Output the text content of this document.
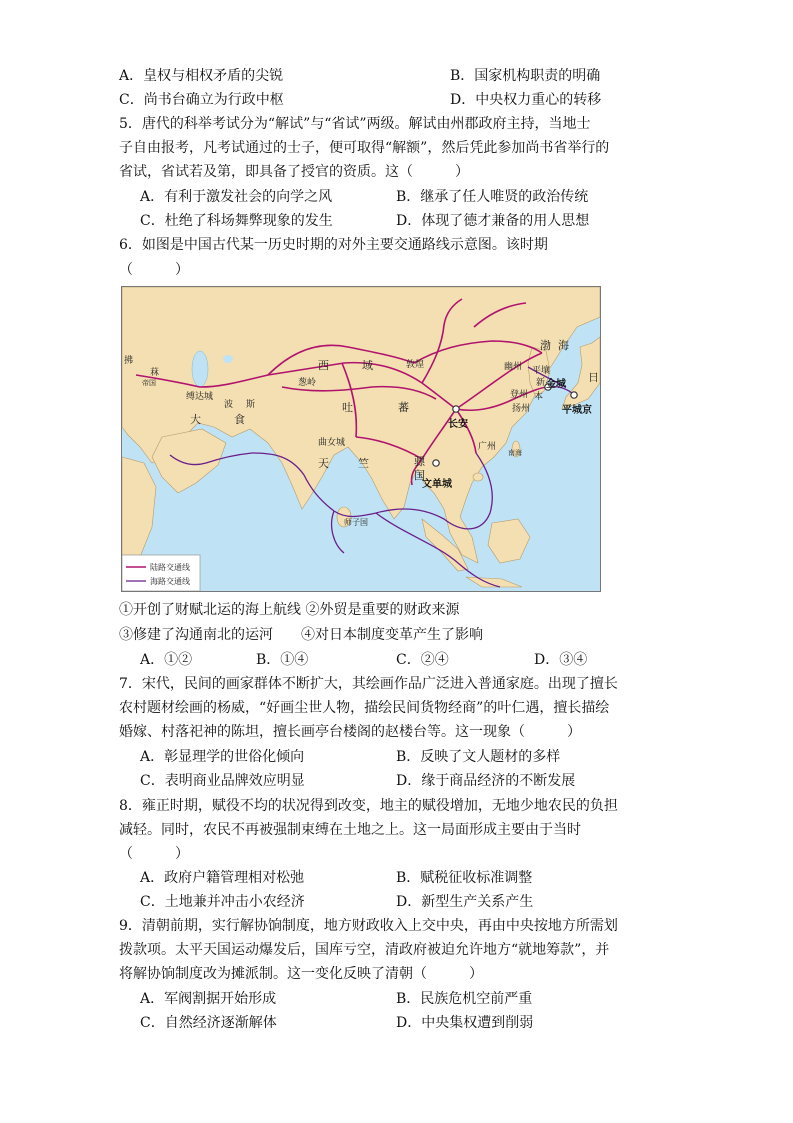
A．皇权与相权矛盾的尖锐	B．国家机构职责的明确
C．尚书台确立为行政中枢	D．中央权力重心的转移
5．唐代的科举考试分为“解试”与“省试”两级。解试由州郡政府主持，当地士
子自由报考，凡考试通过的士子，便可取得“解额”，然后凭此参加尚书省举行的
省试，省试若及第，即具备了授官的资质。这（　　　）
A．有利于激发社会的向学之风	B．继承了任人唯贤的政治传统
C．杜绝了科场舞弊现象的发生	D．体现了德才兼备的用人思想
6．如图是中国古代某一历史时期的对外主要交通路线示意图。该时期
（　　　）
渤 海
日
西	域	敦煌	幽州 平壤
葱岭
登州
新 金城
本
平城京
扬州
长安
吐	蕃
大	食
波 斯
缚达城
拂
菻
帝国
曲女城
天	竺
广州
南海
骠
国
文单城
师子国
陆路交通线
海路交通线
①开创了财赋北运的海上航线 ②外贸是重要的财政来源
③修建了沟通南北的运河　　④对日本制度变革产生了影响
A．①②	B．①④	C．②④	D．③④
7．宋代，民间的画家群体不断扩大，其绘画作品广泛进入普通家庭。出现了擅长
农村题材绘画的杨威，“好画尘世人物，描绘民间货物经商”的叶仁遇，擅长描绘
婚嫁、村落祀神的陈坦，擅长画亭台楼阁的赵楼台等。这一现象（　　　）
A．彰显理学的世俗化倾向	B．反映了文人题材的多样
C．表明商业品牌效应明显	D．缘于商品经济的不断发展
8．雍正时期，赋役不均的状况得到改变，地主的赋役增加，无地少地农民的负担
减轻。同时，农民不再被强制束缚在土地之上。这一局面形成主要由于当时
（　　　）
A．政府户籍管理相对松弛	B．赋税征收标准调整
C．土地兼并冲击小农经济	D．新型生产关系产生
9．清朝前期，实行解协饷制度，地方财政收入上交中央，再由中央按地方所需划
拨款项。太平天国运动爆发后，国库亏空，清政府被迫允许地方“就地筹款”，并
将解协饷制度改为摊派制。这一变化反映了清朝（　　　）
A．军阀割据开始形成	B．民族危机空前严重
C．自然经济逐渐解体	D．中央集权遭到削弱
